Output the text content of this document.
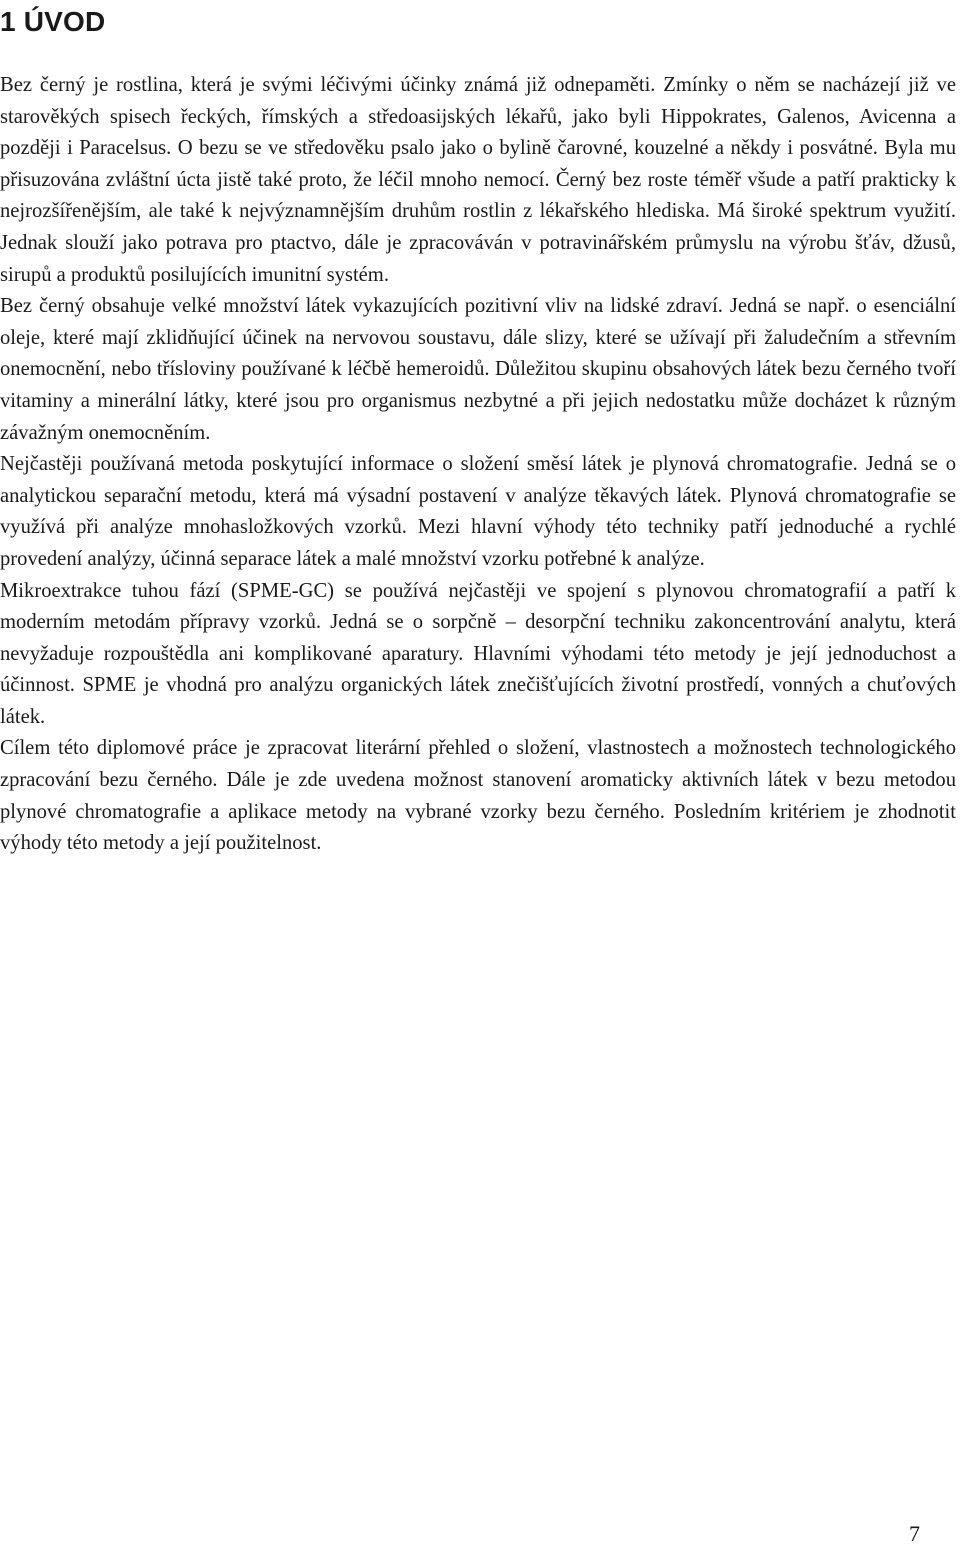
1 ÚVOD

Bez černý je rostlina, která je svými léčivými účinky známá již odnepaměti. Zmínky o něm se nacházejí již ve starověkých spisech řeckých, římských a středoasijských lékařů, jako byli Hippokrates, Galenos, Avicenna a později i Paracelsus. O bezu se ve středověku psalo jako o bylině čarovné, kouzelné a někdy i posvátné. Byla mu přisuzována zvláštní úcta jistě také proto, že léčil mnoho nemocí. Černý bez roste téměř všude a patří prakticky k nejrozšířenějším, ale také k nejvýznamnějším druhům rostlin z lékařského hlediska. Má široké spektrum využití. Jednak slouží jako potrava pro ptactvo, dále je zpracováván v potravinářském průmyslu na výrobu šťáv, džusů, sirupů a produktů posilujících imunitní systém.

Bez černý obsahuje velké množství látek vykazujících pozitivní vliv na lidské zdraví. Jedná se např. o esenciální oleje, které mají zklidňující účinek na nervovou soustavu, dále slizy, které se užívají při žaludečním a střevním onemocnění, nebo třísloviny používané k léčbě hemeroidů. Důležitou skupinu obsahových látek bezu černého tvoří vitaminy a minerální látky, které jsou pro organismus nezbytné a při jejich nedostatku může docházet k různým závažným onemocněním.

Nejčastěji používaná metoda poskytující informace o složení směsí látek je plynová chromatografie. Jedná se o analytickou separační metodu, která má výsadní postavení v analýze těkavých látek. Plynová chromatografie se využívá při analýze mnohasložkových vzorků. Mezi hlavní výhody této techniky patří jednoduché a rychlé provedení analýzy, účinná separace látek a malé množství vzorku potřebné k analýze.

Mikroextrakce tuhou fází (SPME-GC) se používá nejčastěji ve spojení s plynovou chromatografií a patří k moderním metodám přípravy vzorků. Jedná se o sorpčně – desorpční techniku zakoncentrování analytu, která nevyžaduje rozpouštědla ani komplikované aparatury. Hlavními výhodami této metody je její jednoduchost a účinnost. SPME je vhodná pro analýzu organických látek znečišťujících životní prostředí, vonných a chuťových látek.

Cílem této diplomové práce je zpracovat literární přehled o složení, vlastnostech a možnostech technologického zpracování bezu černého. Dále je zde uvedena možnost stanovení aromaticky aktivních látek v bezu metodou plynové chromatografie a aplikace metody na vybrané vzorky bezu černého. Posledním kritériem je zhodnotit výhody této metody a její použitelnost.

7
